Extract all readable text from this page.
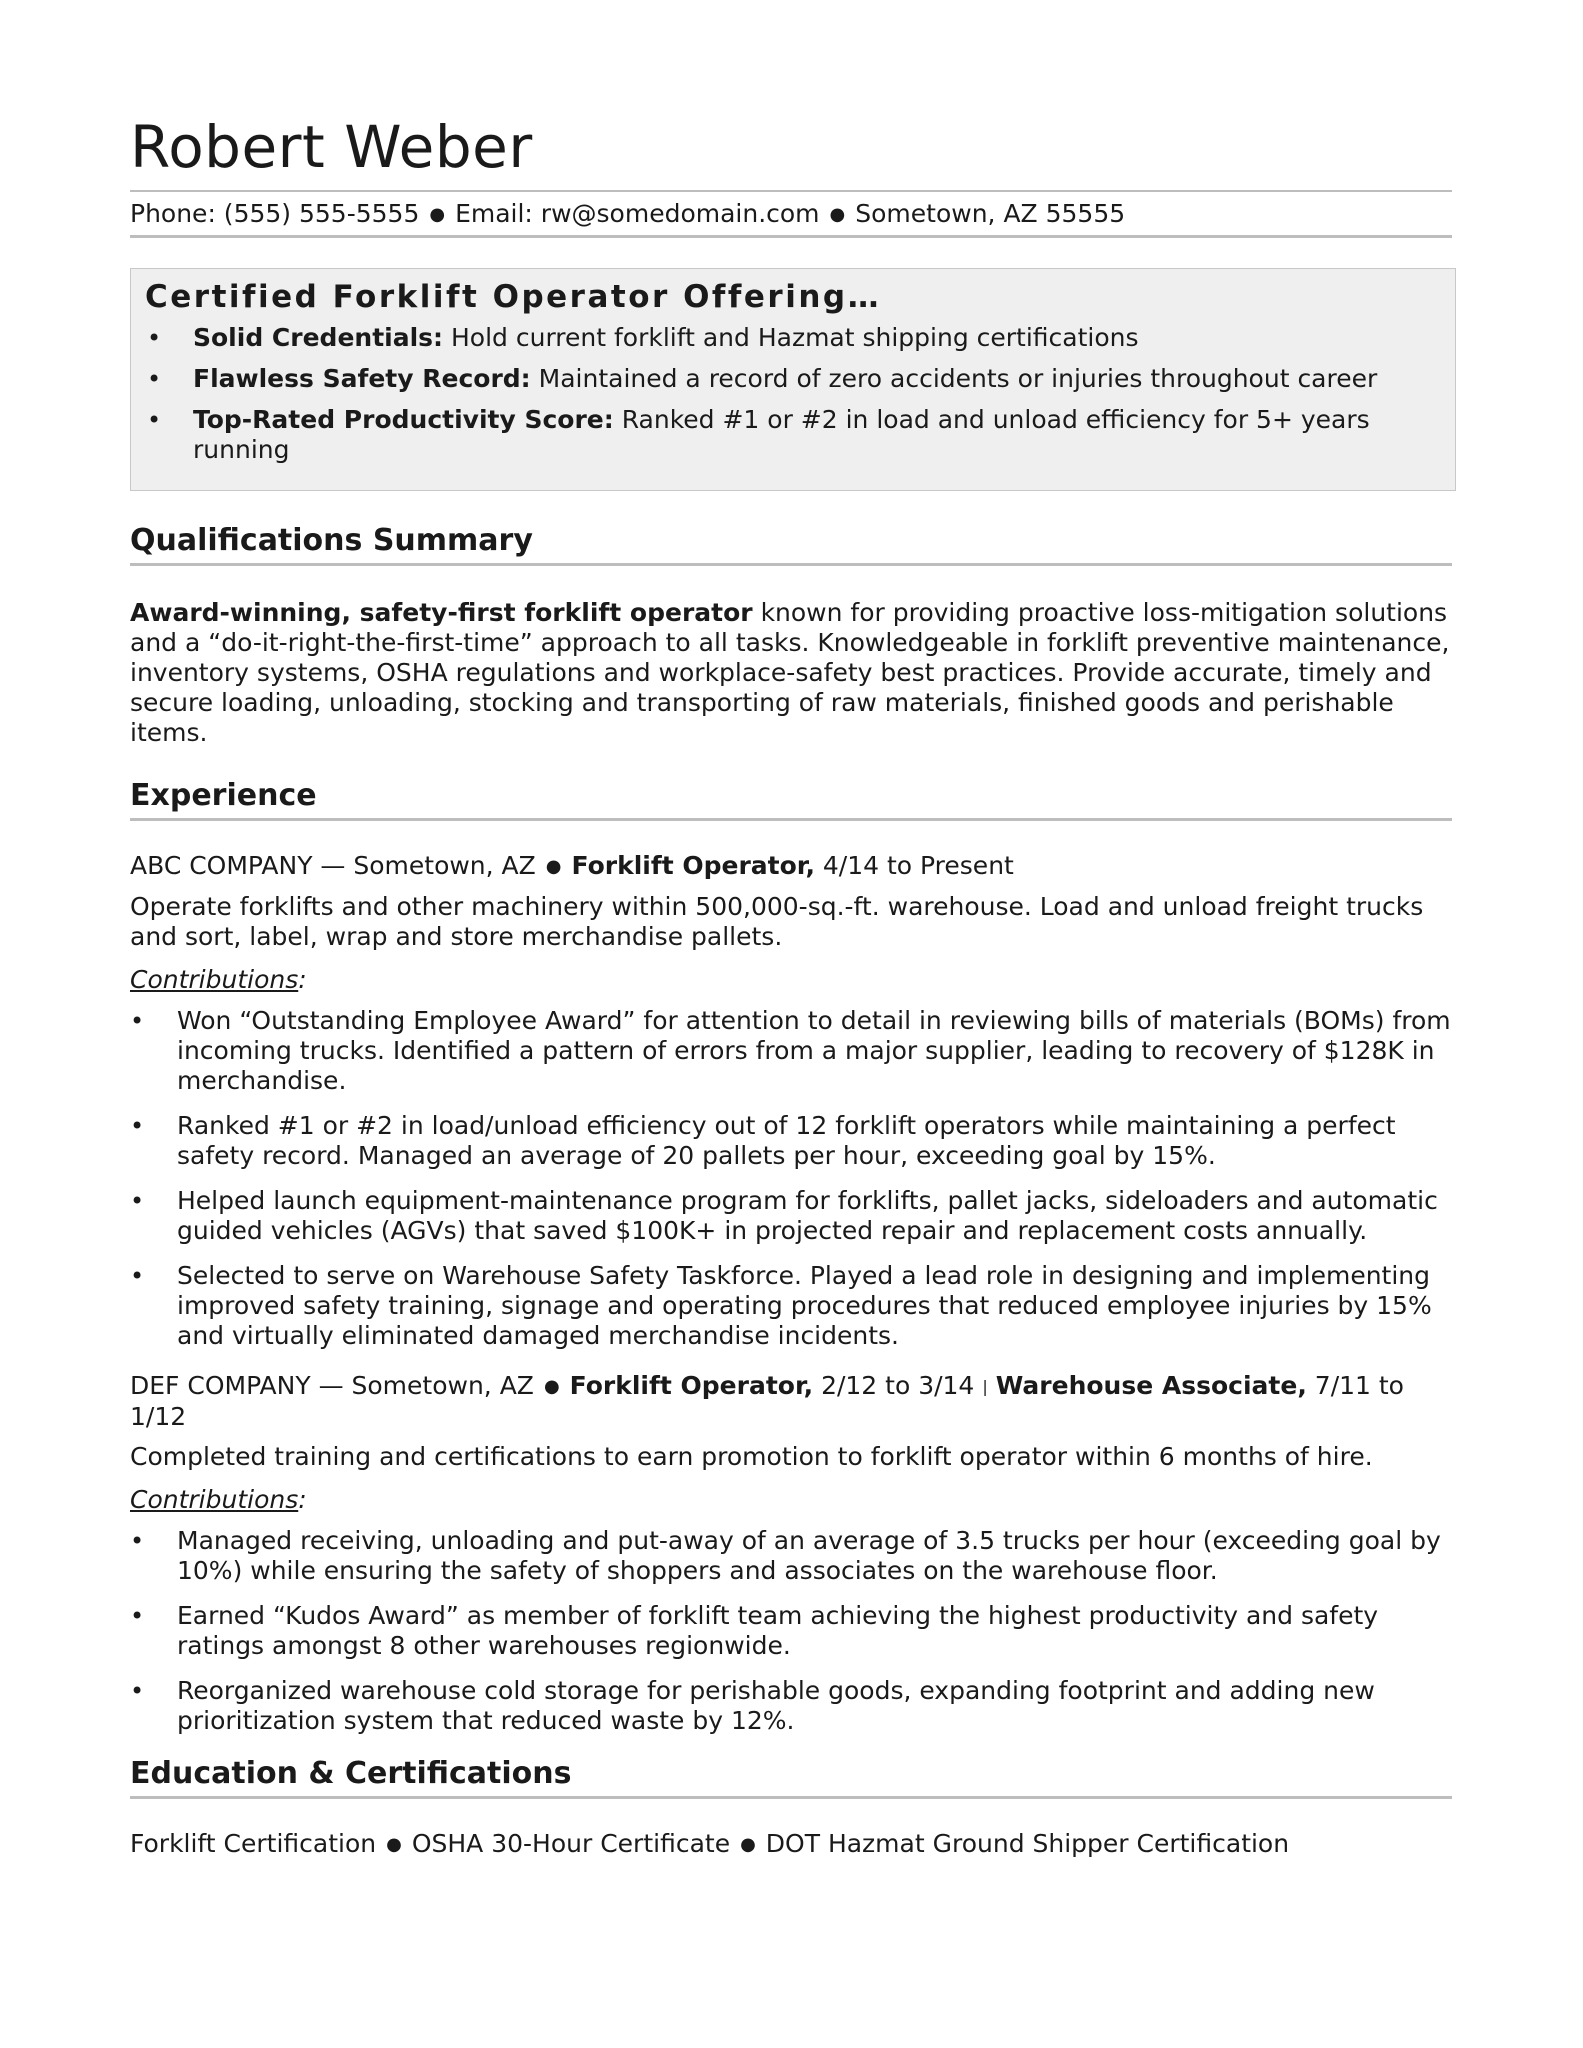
Robert Weber
Phone: (555) 555-5555 ● Email: rw@somedomain.com ● Sometown, AZ 55555
Certified Forklift Operator Offering…
• Solid Credentials: Hold current forklift and Hazmat shipping certifications
• Flawless Safety Record: Maintained a record of zero accidents or injuries throughout career
• Top-Rated Productivity Score: Ranked #1 or #2 in load and unload efficiency for 5+ years running
Qualifications Summary

Award-winning, safety-first forklift operator known for providing proactive loss-mitigation solutions and a “do-it-right-the-first-time” approach to all tasks. Knowledgeable in forklift preventive maintenance, inventory systems, OSHA regulations and workplace-safety best practices. Provide accurate, timely and secure loading, unloading, stocking and transporting of raw materials, finished goods and perishable items.

Experience
ABC COMPANY — Sometown, AZ ● Forklift Operator, 4/14 to Present

Operate forklifts and other machinery within 500,000-sq.-ft. warehouse. Load and unload freight trucks and sort, label, wrap and store merchandise pallets.

Contributions:
• Won “Outstanding Employee Award” for attention to detail in reviewing bills of materials (BOMs) from incoming trucks. Identified a pattern of errors from a major supplier, leading to recovery of $128K in merchandise.
• Ranked #1 or #2 in load/unload efficiency out of 12 forklift operators while maintaining a perfect safety record. Managed an average of 20 pallets per hour, exceeding goal by 15%.
• Helped launch equipment-maintenance program for forklifts, pallet jacks, sideloaders and automatic guided vehicles (AGVs) that saved $100K+ in projected repair and replacement costs annually.
• Selected to serve on Warehouse Safety Taskforce. Played a lead role in designing and implementing improved safety training, signage and operating procedures that reduced employee injuries by 15% and virtually eliminated damaged merchandise incidents.
DEF COMPANY — Sometown, AZ ● Forklift Operator, 2/12 to 3/14 | Warehouse Associate, 7/11 to 1/12

Completed training and certifications to earn promotion to forklift operator within 6 months of hire.

Contributions:
• Managed receiving, unloading and put-away of an average of 3.5 trucks per hour (exceeding goal by 10%) while ensuring the safety of shoppers and associates on the warehouse floor.
• Earned “Kudos Award” as member of forklift team achieving the highest productivity and safety ratings amongst 8 other warehouses regionwide.
• Reorganized warehouse cold storage for perishable goods, expanding footprint and adding new prioritization system that reduced waste by 12%.
Education & Certifications
Forklift Certification ● OSHA 30-Hour Certificate ● DOT Hazmat Ground Shipper Certification
